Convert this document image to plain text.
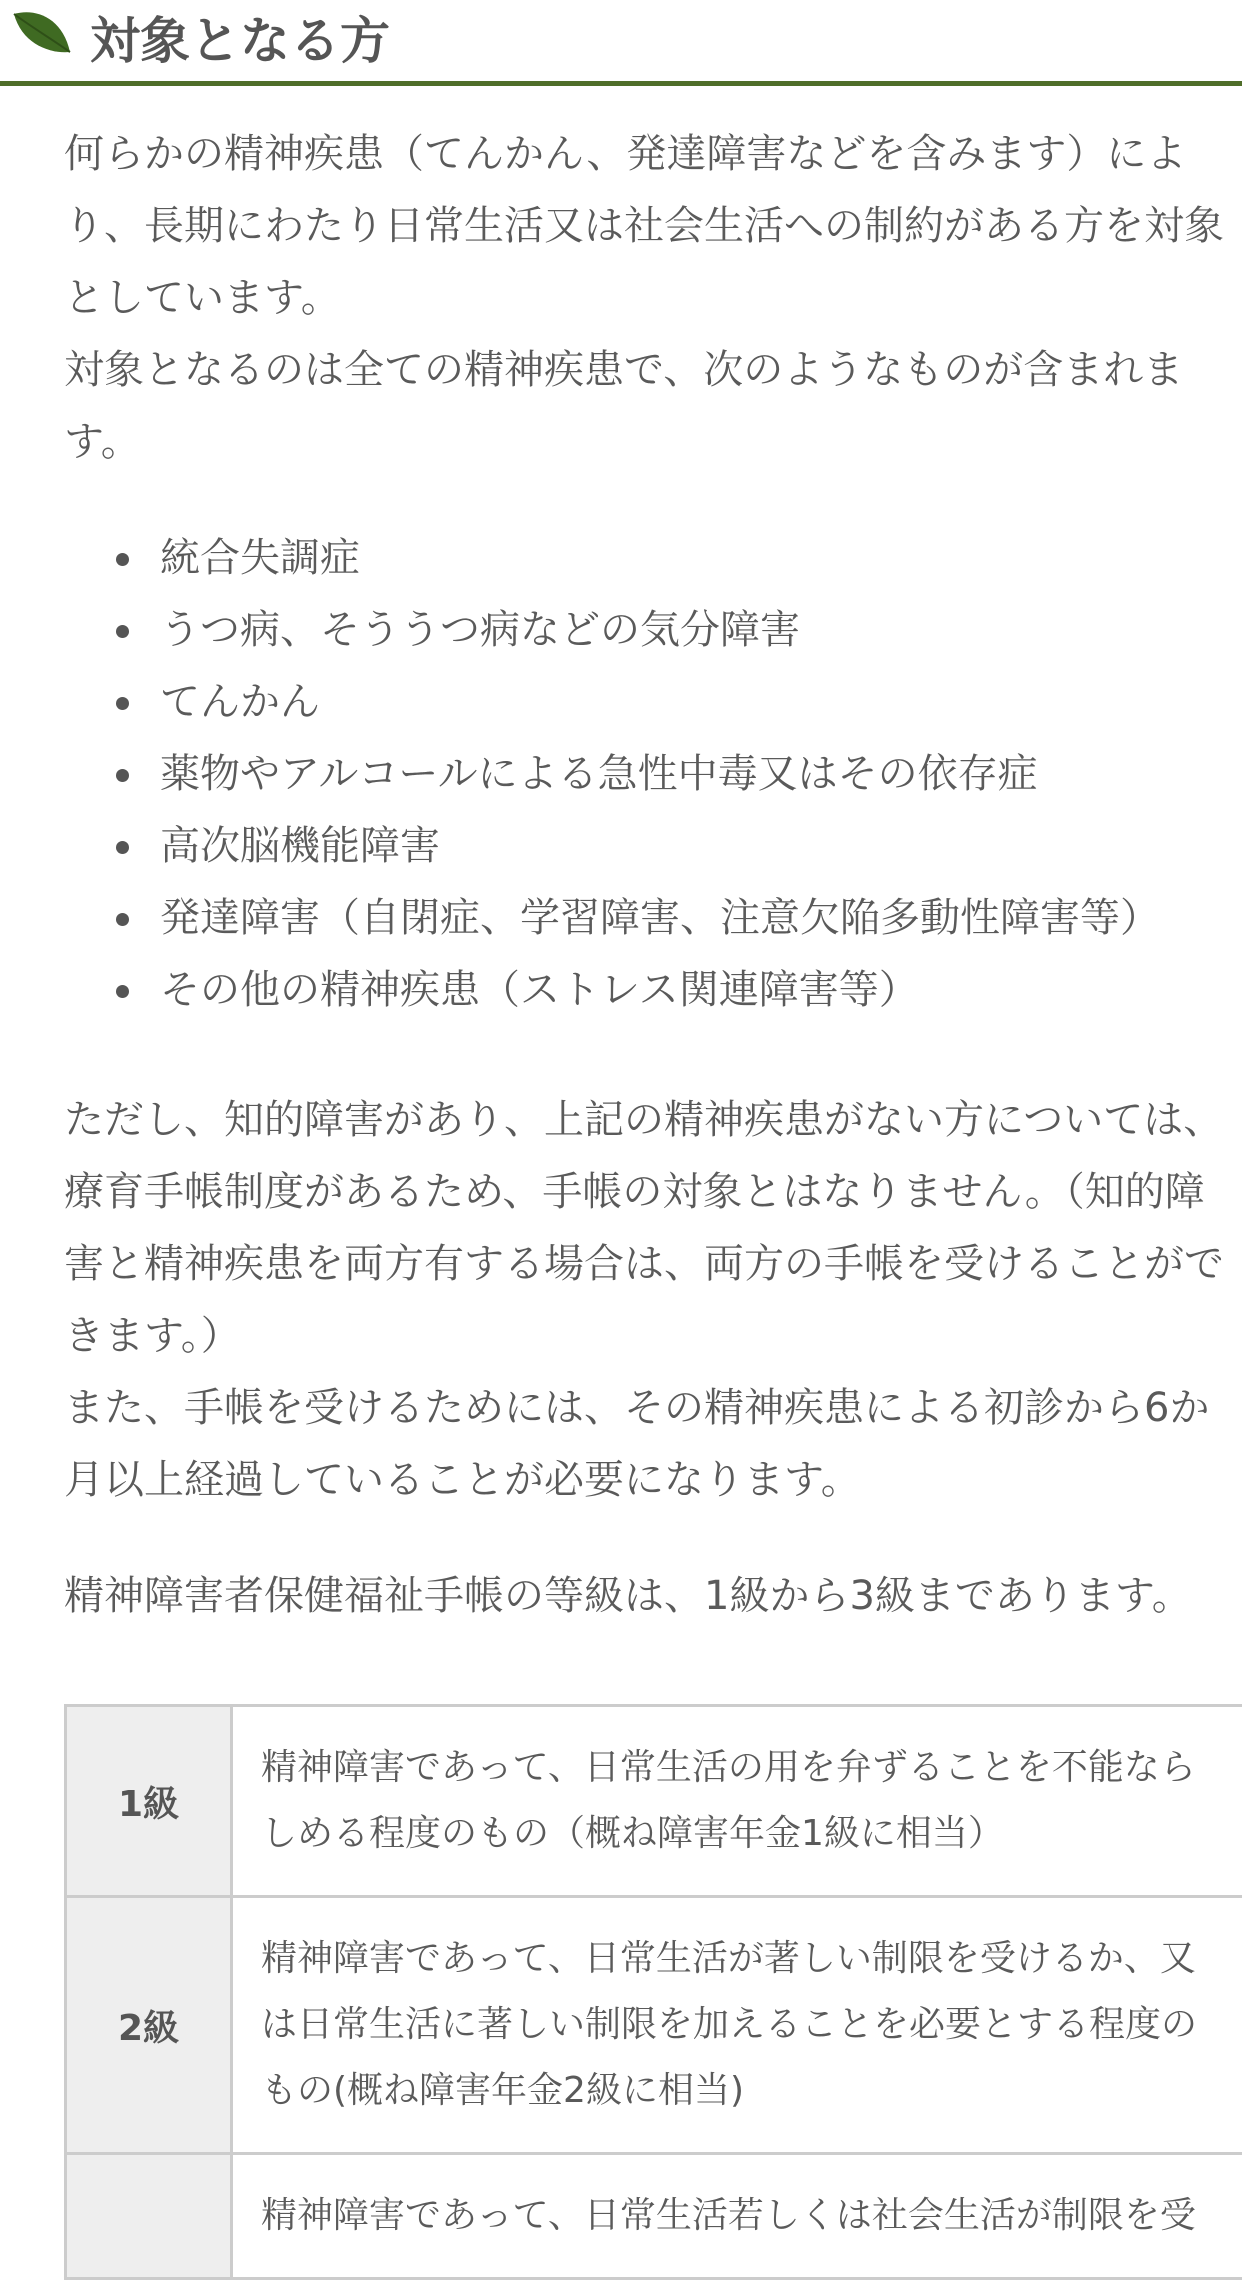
対象となる方

何らかの精神疾患（てんかん、発達障害などを含みます）によ

り、長期にわたり日常生活又は社会生活への制約がある方を対象

としています。

対象となるのは全ての精神疾患で、次のようなものが含まれま

す。

統合失調症
うつ病、そううつ病などの気分障害
てんかん
薬物やアルコールによる急性中毒又はその依存症
高次脳機能障害
発達障害（自閉症、学習障害、注意欠陥多動性障害等）
その他の精神疾患（ストレス関連障害等）

ただし、知的障害があり、上記の精神疾患がない方については、

療育手帳制度があるため、手帳の対象とはなりません。（知的障

害と精神疾患を両方有する場合は、両方の手帳を受けることがで

きます。）

また、手帳を受けるためには、その精神疾患による初診から6か

月以上経過していることが必要になります。

精神障害者保健福祉手帳の等級は、1級から3級まであります。

1級	精神障害であって、日常生活の用を弁ずることを不能なら
しめる程度のもの（概ね障害年金1級に相当）

2級	精神障害であって、日常生活が著しい制限を受けるか、又
は日常生活に著しい制限を加えることを必要とする程度の
もの(概ね障害年金2級に相当)

	精神障害であって、日常生活若しくは社会生活が制限を受
